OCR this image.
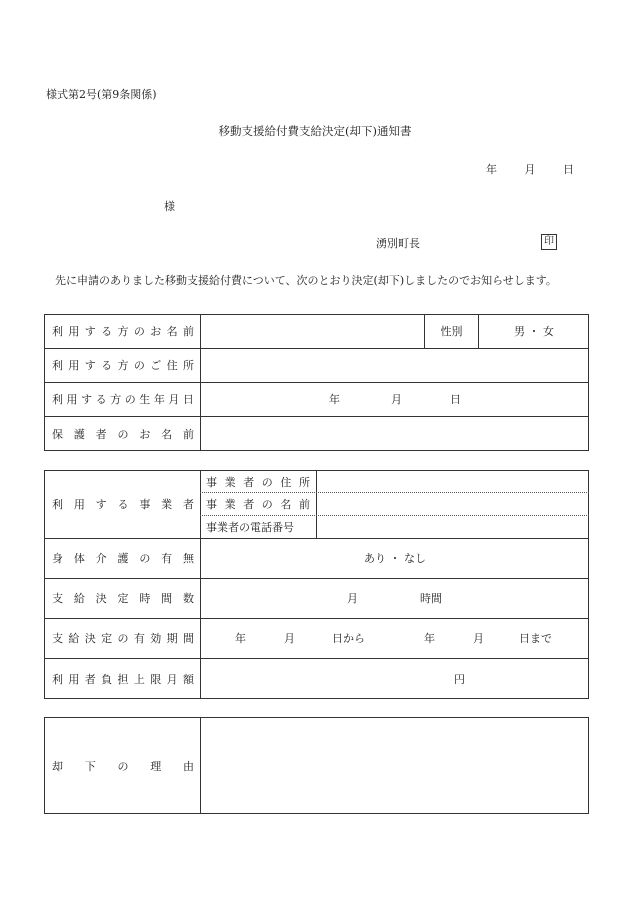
様式第2号(第9条関係)
移動支援給付費支給決定(却下)通知書
年	月	日
様
湧別町長	印
先に申請のありました移動支援給付費について、次のとおり決定(却下)しましたのでお知らせします。
利 用 す る 方 の お 名 前	性別	男 ・ 女
利 用 す る 方 の ご 住 所
利 用 す る 方 の 生 年 月 日	年	月	日
保 護 者 の お 名 前
利 用 す る 事 業 者
事 業 者 の 住 所
事 業 者 の 名 前
事業者の電話番号
身 体 介 護 の 有 無	あり ・ なし
支 給 決 定 時 間 数	月	時間
支 給 決 定 の 有 効 期 間	年	月	日から	年	月	日まで
利 用 者 負 担 上 限 月 額	円
却 下 の 理 由
